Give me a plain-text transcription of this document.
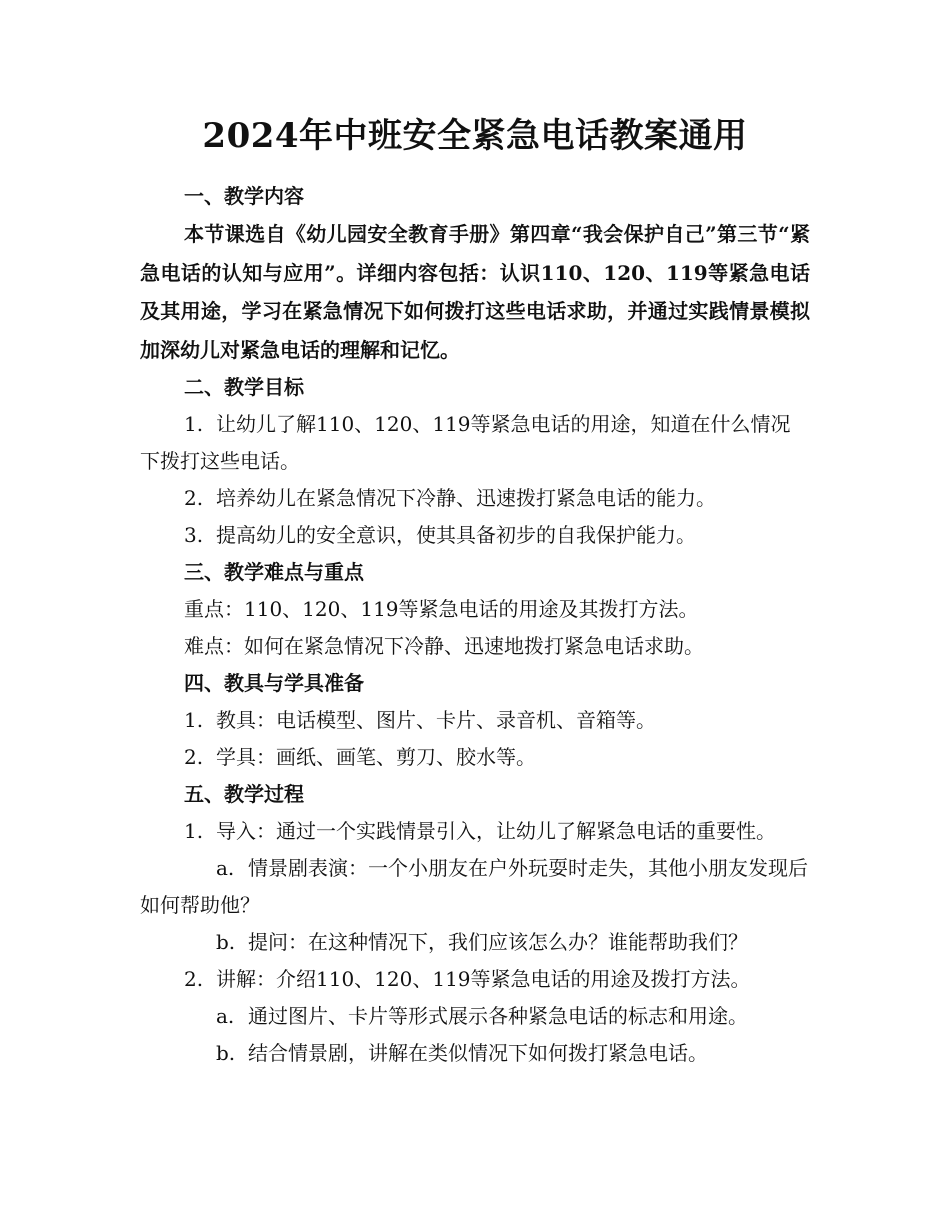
2024年中班安全紧急电话教案通用
一、教学内容

本节课选自《幼儿园安全教育手册》第四章“我会保护自己”第三节“紧急电话的认知与应用”。详细内容包括：认识110、120、119等紧急电话及其用途，学习在紧急情况下如何拨打这些电话求助，并通过实践情景模拟加深幼儿对紧急电话的理解和记忆。

二、教学目标

1. 让幼儿了解110、120、119等紧急电话的用途，知道在什么情况下拨打这些电话。

2. 培养幼儿在紧急情况下冷静、迅速拨打紧急电话的能力。

3. 提高幼儿的安全意识，使其具备初步的自我保护能力。

三、教学难点与重点

重点：110、120、119等紧急电话的用途及其拨打方法。

难点：如何在紧急情况下冷静、迅速地拨打紧急电话求助。

四、教具与学具准备

1. 教具：电话模型、图片、卡片、录音机、音箱等。

2. 学具：画纸、画笔、剪刀、胶水等。

五、教学过程

1. 导入：通过一个实践情景引入，让幼儿了解紧急电话的重要性。

a. 情景剧表演：一个小朋友在户外玩耍时走失，其他小朋友发现后如何帮助他？

b. 提问：在这种情况下，我们应该怎么办？谁能帮助我们？

2. 讲解：介绍110、120、119等紧急电话的用途及拨打方法。

a. 通过图片、卡片等形式展示各种紧急电话的标志和用途。

b. 结合情景剧，讲解在类似情况下如何拨打紧急电话。
